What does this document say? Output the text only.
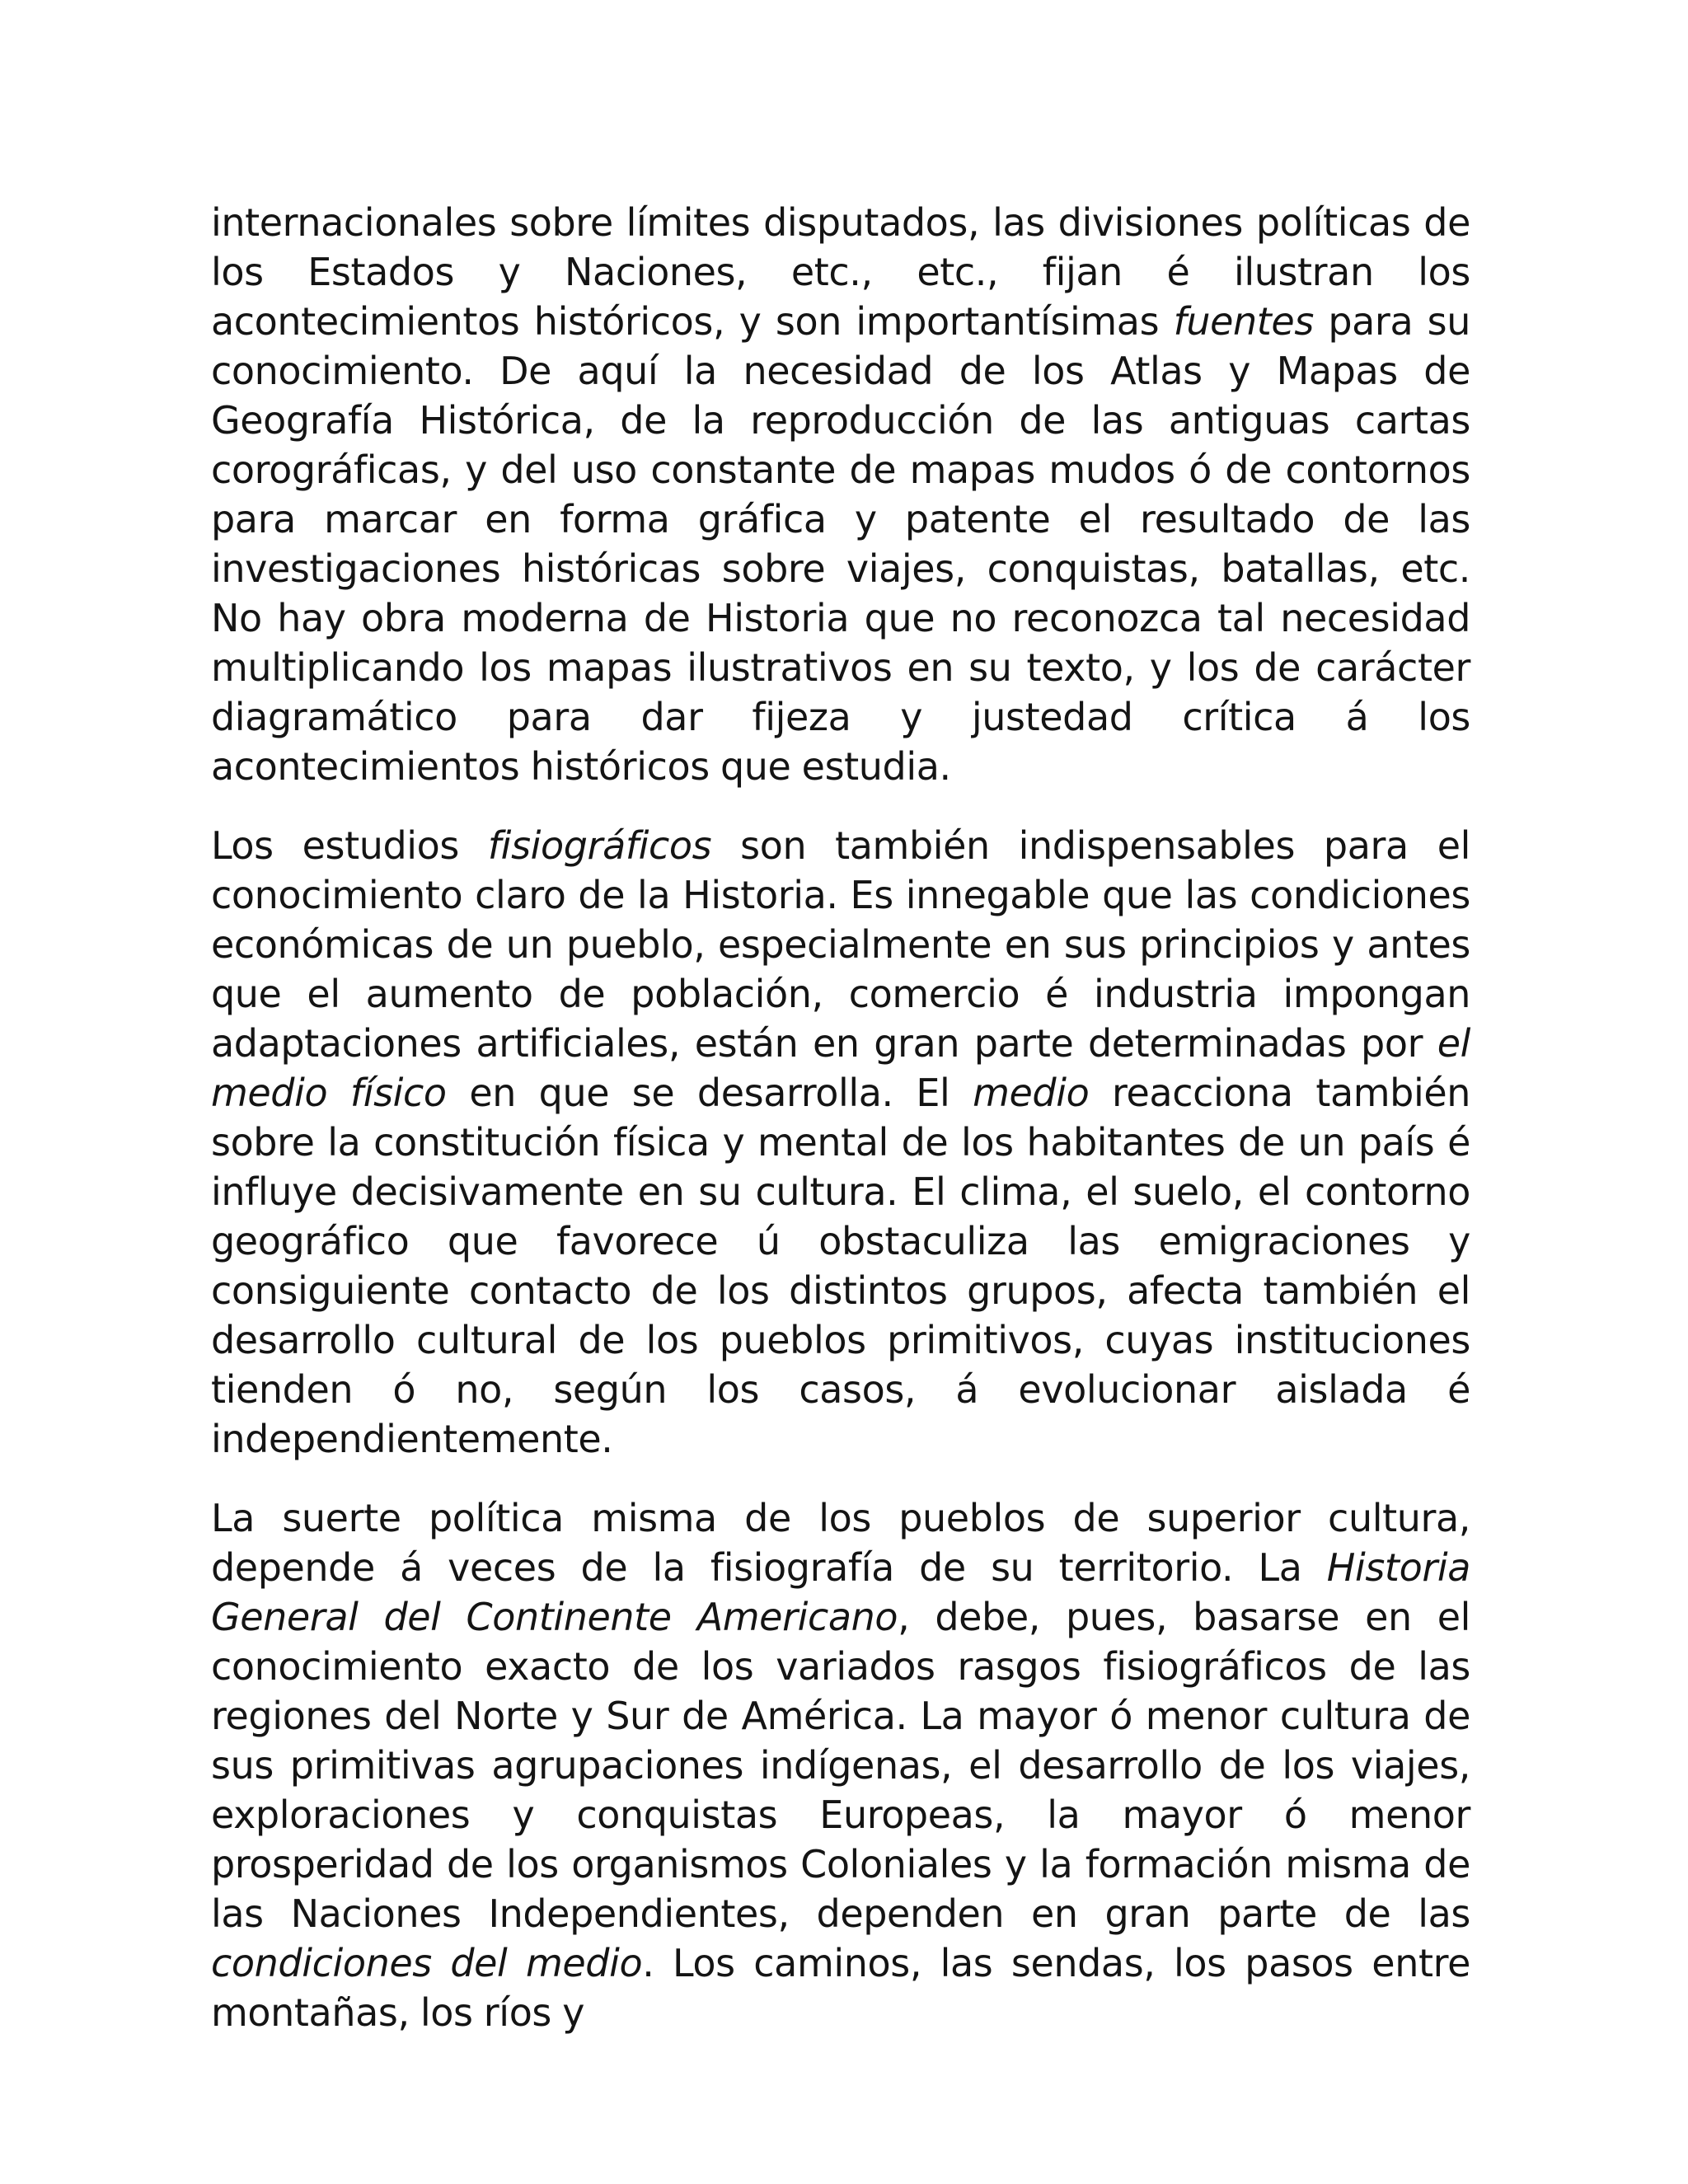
internacionales sobre límites disputados, las divisiones políticas de los Estados y Naciones, etc., etc., fijan é ilustran los acontecimientos históricos, y son importantísimas fuentes para su conocimiento. De aquí la necesidad de los Atlas y Mapas de Geografía Histórica, de la reproducción de las antiguas cartas corográficas, y del uso constante de mapas mudos ó de contornos para marcar en forma gráfica y patente el resultado de las investigaciones históricas sobre viajes, conquistas, batallas, etc. No hay obra moderna de Historia que no reconozca tal necesidad multiplicando los mapas ilustrativos en su texto, y los de carácter diagramático para dar fijeza y justedad crítica á los acontecimientos históricos que estudia.

Los estudios fisiográficos son también indispensables para el conocimiento claro de la Historia. Es innegable que las condiciones económicas de un pueblo, especialmente en sus principios y antes que el aumento de población, comercio é industria impongan adaptaciones artificiales, están en gran parte determinadas por el medio físico en que se desarrolla. El medio reacciona también sobre la constitución física y mental de los habitantes de un país é influye decisivamente en su cultura. El clima, el suelo, el contorno geográfico que favorece ú obstaculiza las emigraciones y consiguiente contacto de los distintos grupos, afecta también el desarrollo cultural de los pueblos primitivos, cuyas instituciones tienden ó no, según los casos, á evolucionar aislada é independientemente.

La suerte política misma de los pueblos de superior cultura, depende á veces de la fisiografía de su territorio. La Historia General del Continente Americano, debe, pues, basarse en el conocimiento exacto de los variados rasgos fisiográficos de las regiones del Norte y Sur de América. La mayor ó menor cultura de sus primitivas agrupaciones indígenas, el desarrollo de los viajes, exploraciones y conquistas Europeas, la mayor ó menor prosperidad de los organismos Coloniales y la formación misma de las Naciones Independientes, dependen en gran parte de las condiciones del medio. Los caminos, las sendas, los pasos entre montañas, los ríos y
